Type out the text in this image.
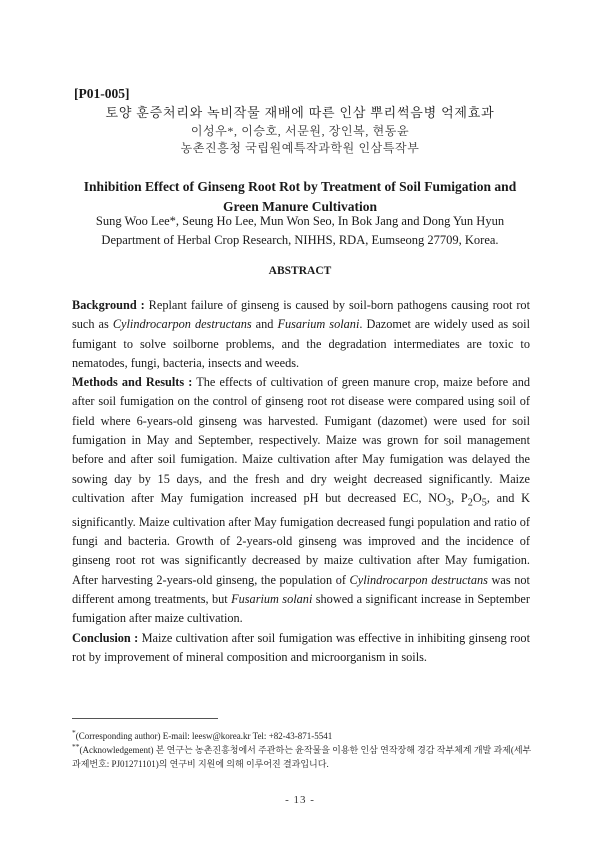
[P01-005]
토양 훈증처리와 녹비작물 재배에 따른 인삼 뿌리썩음병 억제효과
이성우*, 이승호, 서문원, 장인복, 현동윤
농촌진흥청 국립원예특작과학원 인삼특작부
Inhibition Effect of Ginseng Root Rot by Treatment of Soil Fumigation and
Green Manure Cultivation
Sung Woo Lee*, Seung Ho Lee, Mun Won Seo, In Bok Jang and Dong Yun Hyun
Department of Herbal Crop Research, NIHHS, RDA, Eumseong 27709, Korea.
ABSTRACT

Background : Replant failure of ginseng is caused by soil-born pathogens causing root rot such as Cylindrocarpon destructans and Fusarium solani. Dazomet are widely used as soil fumigant to solve soilborne problems, and the degradation intermediates are toxic to nematodes, fungi, bacteria, insects and weeds.

Methods and Results : The effects of cultivation of green manure crop, maize before and after soil fumigation on the control of ginseng root rot disease were compared using soil of field where 6-years-old ginseng was harvested. Fumigant (dazomet) were used for soil fumigation in May and September, respectively. Maize was grown for soil management before and after soil fumigation. Maize cultivation after May fumigation was delayed the sowing day by 15 days, and the fresh and dry weight decreased significantly. Maize cultivation after May fumigation increased pH but decreased EC, $NO_3$, $P_2O_5$, and K significantly. Maize cultivation after May fumigation decreased fungi population and ratio of fungi and bacteria. Growth of 2-years-old ginseng was improved and the incidence of ginseng root rot was significantly decreased by maize cultivation after May fumigation. After harvesting 2-years-old ginseng, the population of Cylindrocarpon destructans was not different among treatments, but Fusarium solani showed a significant increase in September fumigation after maize cultivation.

Conclusion : Maize cultivation after soil fumigation was effective in inhibiting ginseng root rot by improvement of mineral composition and microorganism in soils.

*(Corresponding author) E-mail: leesw@korea.kr Tel: +82-43-871-5541
**(Acknowledgement) 본 연구는 농촌진흥청에서 주관하는 윤작물을 이용한 인삼 연작장해 경감 작부체계 개발 과제(세부과제번호: PJ01271101)의 연구비 지원에 의해 이루어진 결과입니다.
- 13 -
